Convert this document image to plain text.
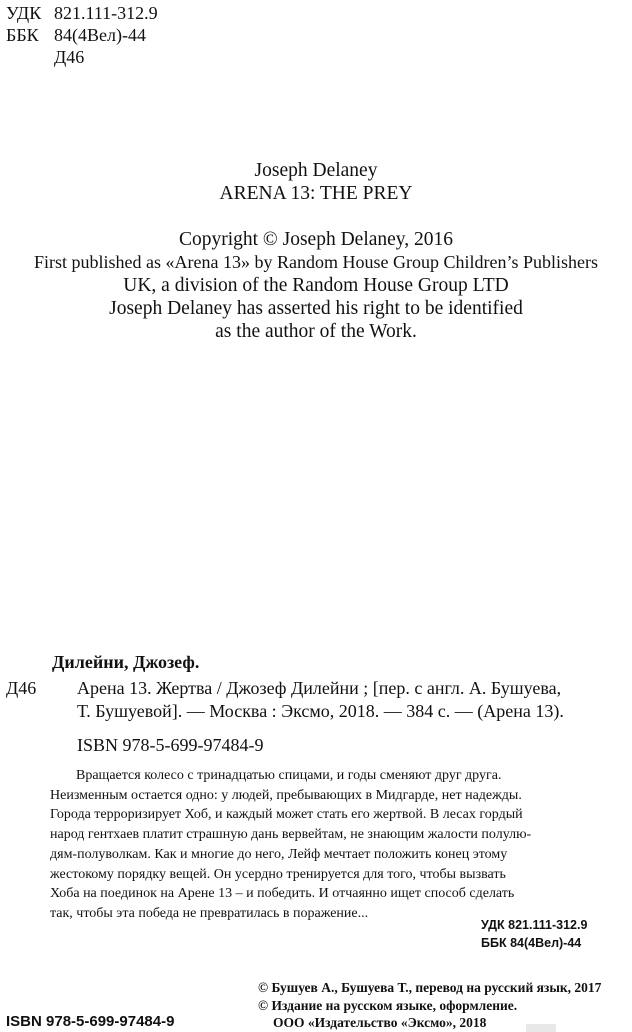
УДК 821.111-312.9
ББК 84(4Вел)-44
Д46
Joseph Delaney
ARENA 13: THE PREY
Copyright © Joseph Delaney, 2016
First published as «Arena 13» by Random House Group Children’s Publishers
UK, a division of the Random House Group LTD
Joseph Delaney has asserted his right to be identified
as the author of the Work.
Дилейни, Джозеф.
Д46 Арена 13. Жертва / Джозеф Дилейни ; [пер. с англ. А. Бушуева,
Т. Бушуевой]. — Москва : Эксмо, 2018. — 384 с. — (Арена 13).
ISBN 978-5-699-97484-9
Вращается колесо с тринадцатью спицами, и годы сменяют друг друга.
Неизменным остается одно: у людей, пребывающих в Мидгарде, нет надежды.
Города терроризирует Хоб, и каждый может стать его жертвой. В лесах гордый
народ гентхаев платит страшную дань вервейтам, не знающим жалости полулю-
дям-полуволкам. Как и многие до него, Лейф мечтает положить конец этому
жестокому порядку вещей. Он усердно тренируется для того, чтобы вызвать
Хоба на поединок на Арене 13 – и победить. И отчаянно ищет способ сделать
так, чтобы эта победа не превратилась в поражение...
УДК 821.111-312.9
ББК 84(4Вел)-44
© Бушуев А., Бушуева Т., перевод на русский язык, 2017
© Издание на русском языке, оформление.
ООО «Издательство «Эксмо», 2018
ISBN 978-5-699-97484-9
